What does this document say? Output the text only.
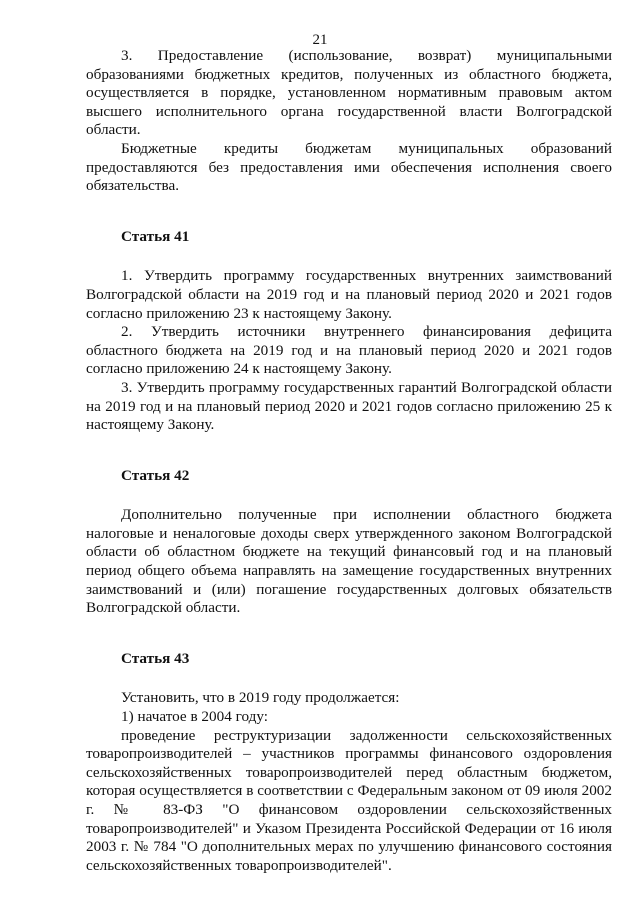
21

3. Предоставление (использование, возврат) муниципальными образованиями бюджетных кредитов, полученных из областного бюджета, осуществляется в порядке, установленном нормативным правовым актом высшего исполнительного органа государственной власти Волгоградской области.

Бюджетные кредиты бюджетам муниципальных образований предоставляются без предоставления ими обеспечения исполнения своего обязательства.

Статья 41

1. Утвердить программу государственных внутренних заимствований Волгоградской области на 2019 год и на плановый период 2020 и 2021 годов согласно приложению 23 к настоящему Закону.

2. Утвердить источники внутреннего финансирования дефицита областного бюджета на 2019 год и на плановый период 2020 и 2021 годов согласно приложению 24 к настоящему Закону.

3. Утвердить программу государственных гарантий Волгоградской области на 2019 год и на плановый период 2020 и 2021 годов согласно приложению 25 к настоящему Закону.

Статья 42

Дополнительно полученные при исполнении областного бюджета налоговые и неналоговые доходы сверх утвержденного законом Волгоградской области об областном бюджете на текущий финансовый год и на плановый период общего объема направлять на замещение государственных внутренних заимствований и (или) погашение государственных долговых обязательств Волгоградской области.

Статья 43

Установить, что в 2019 году продолжается:

1) начатое в 2004 году:

проведение реструктуризации задолженности сельскохозяйственных товаропроизводителей – участников программы финансового оздоровления сельскохозяйственных товаропроизводителей перед областным бюджетом, которая осуществляется в соответствии с Федеральным законом от 09 июля 2002 г. № 83-ФЗ "О финансовом оздоровлении сельскохозяйственных товаропроизводителей" и Указом Президента Российской Федерации от 16 июля 2003 г. № 784 "О дополнительных мерах по улучшению финансового состояния сельскохозяйственных товаропроизводителей".
